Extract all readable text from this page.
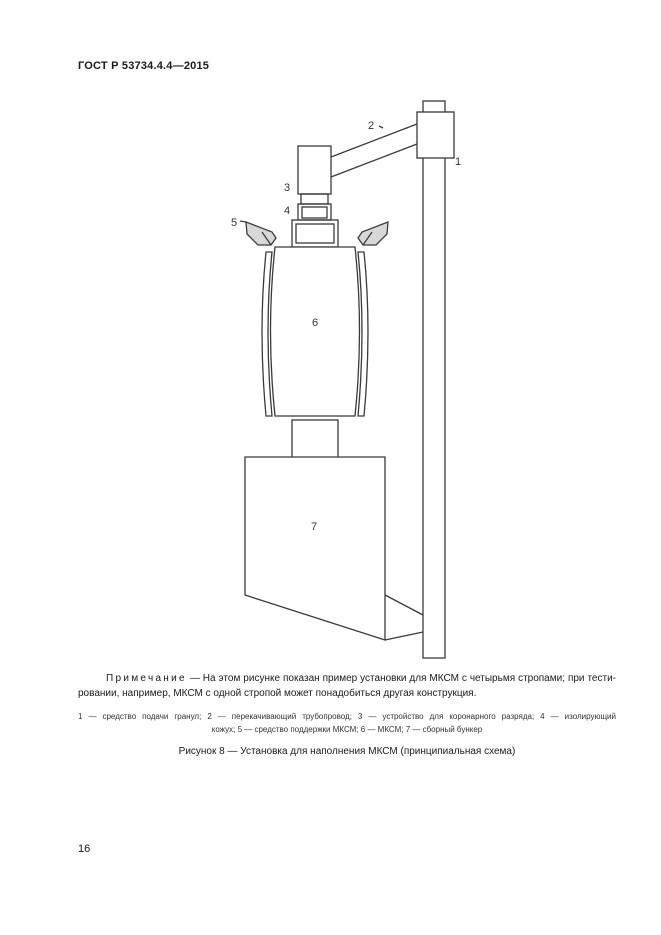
ГОСТ Р 53734.4.4—2015
1
2
3
4
5
6
7
Примечание — На этом рисунке показан пример установки для МКСМ с четырьмя стропами; при тести-
ровании, например, МКСМ с одной стропой может понадобиться другая конструкция.
1 — средство подачи гранул; 2 — перекачивающий трубопровод; 3 — устройство для коронарного разряда; 4 — изолирующий
кожух; 5 — средство поддержки МКСМ; 6 — МКСМ; 7 — сборный бункер
Рисунок 8 — Установка для наполнения МКСМ (принципиальная схема)
16
